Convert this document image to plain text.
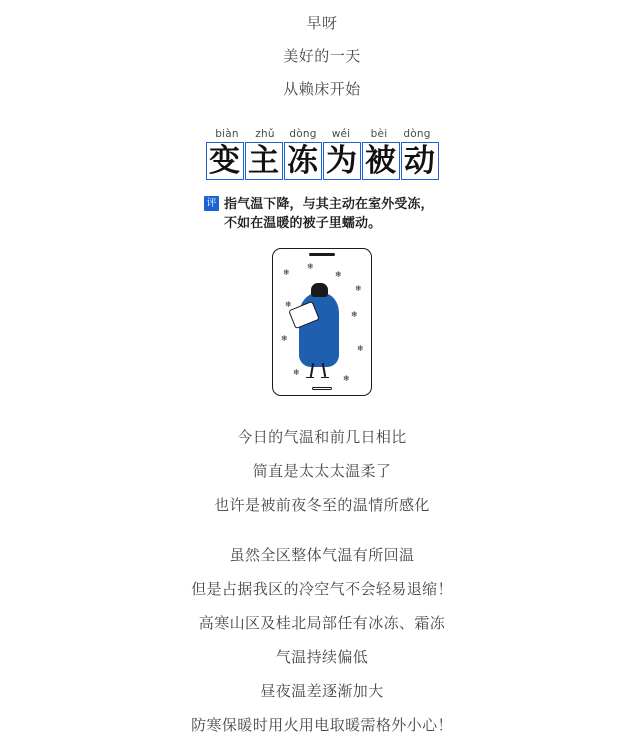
早呀

美好的一天

从赖床开始

biàn	zhǔ	dòng	wéi	bèi	dòng
变 主 冻 为 被 动
评 指气温下降，与其主动在室外受冻，不如在温暖的被子里蠕动。
❄
❄
❄
❄
❄
❄
❄
❄
❄
❄

今日的气温和前几日相比

简直是太太太温柔了

也许是被前夜冬至的温情所感化

虽然全区整体气温有所回温

但是占据我区的冷空气不会轻易退缩！

高寒山区及桂北局部任有冰冻、霜冻

气温持续偏低

昼夜温差逐渐加大

防寒保暖时用火用电取暖需格外小心！
